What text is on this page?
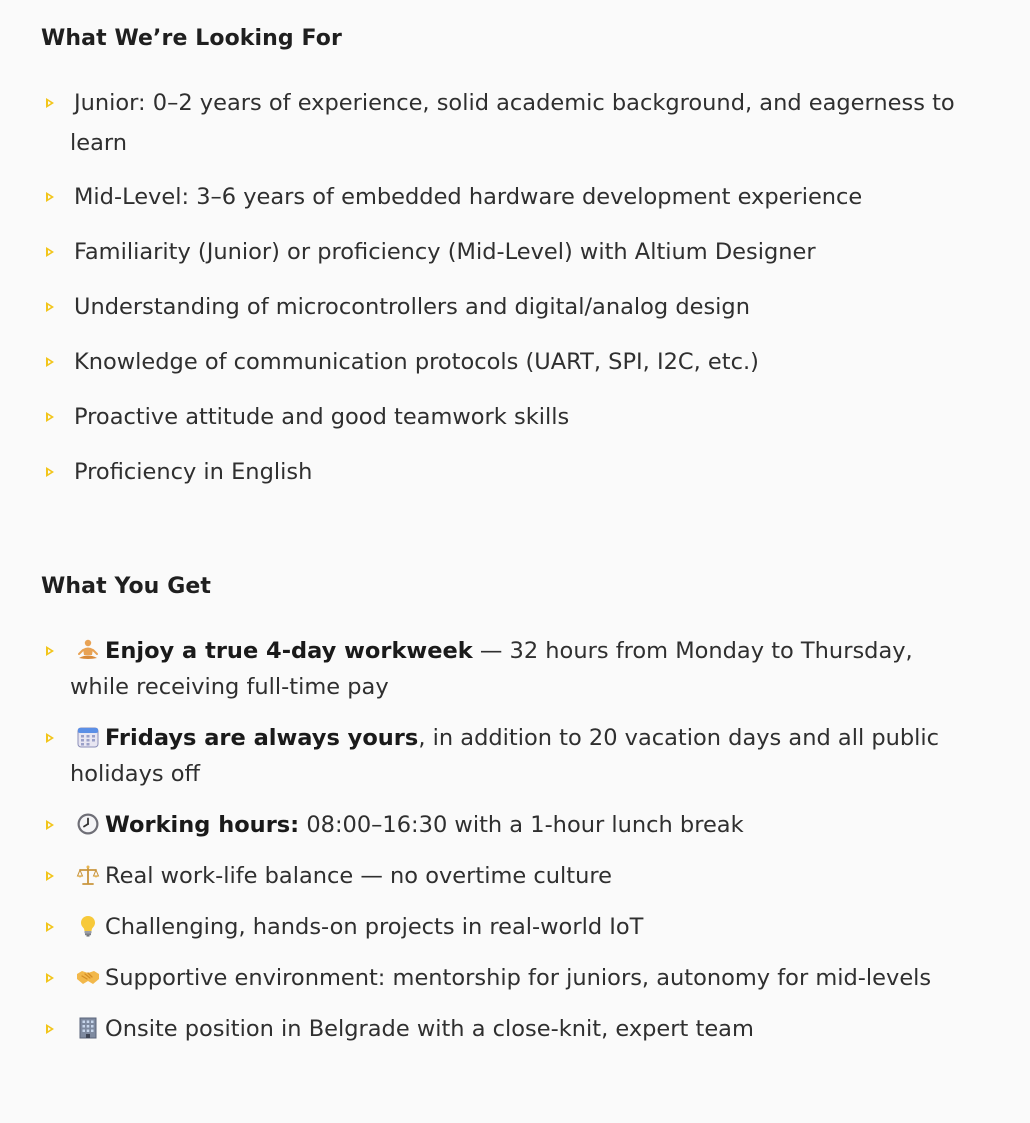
What We’re Looking For
Junior: 0–2 years of experience, solid academic background, and eagerness to learn
Mid-Level: 3–6 years of embedded hardware development experience
Familiarity (Junior) or proficiency (Mid-Level) with Altium Designer
Understanding of microcontrollers and digital/analog design
Knowledge of communication protocols (UART, SPI, I2C, etc.)
Proactive attitude and good teamwork skills
Proficiency in English
What You Get
Enjoy a true 4-day workweek — 32 hours from Monday to Thursday, while receiving full-time pay
Fridays are always yours, in addition to 20 vacation days and all public holidays off
Working hours: 08:00–16:30 with a 1-hour lunch break
Real work-life balance — no overtime culture
Challenging, hands-on projects in real-world IoT
Supportive environment: mentorship for juniors, autonomy for mid-levels
Onsite position in Belgrade with a close-knit, expert team
